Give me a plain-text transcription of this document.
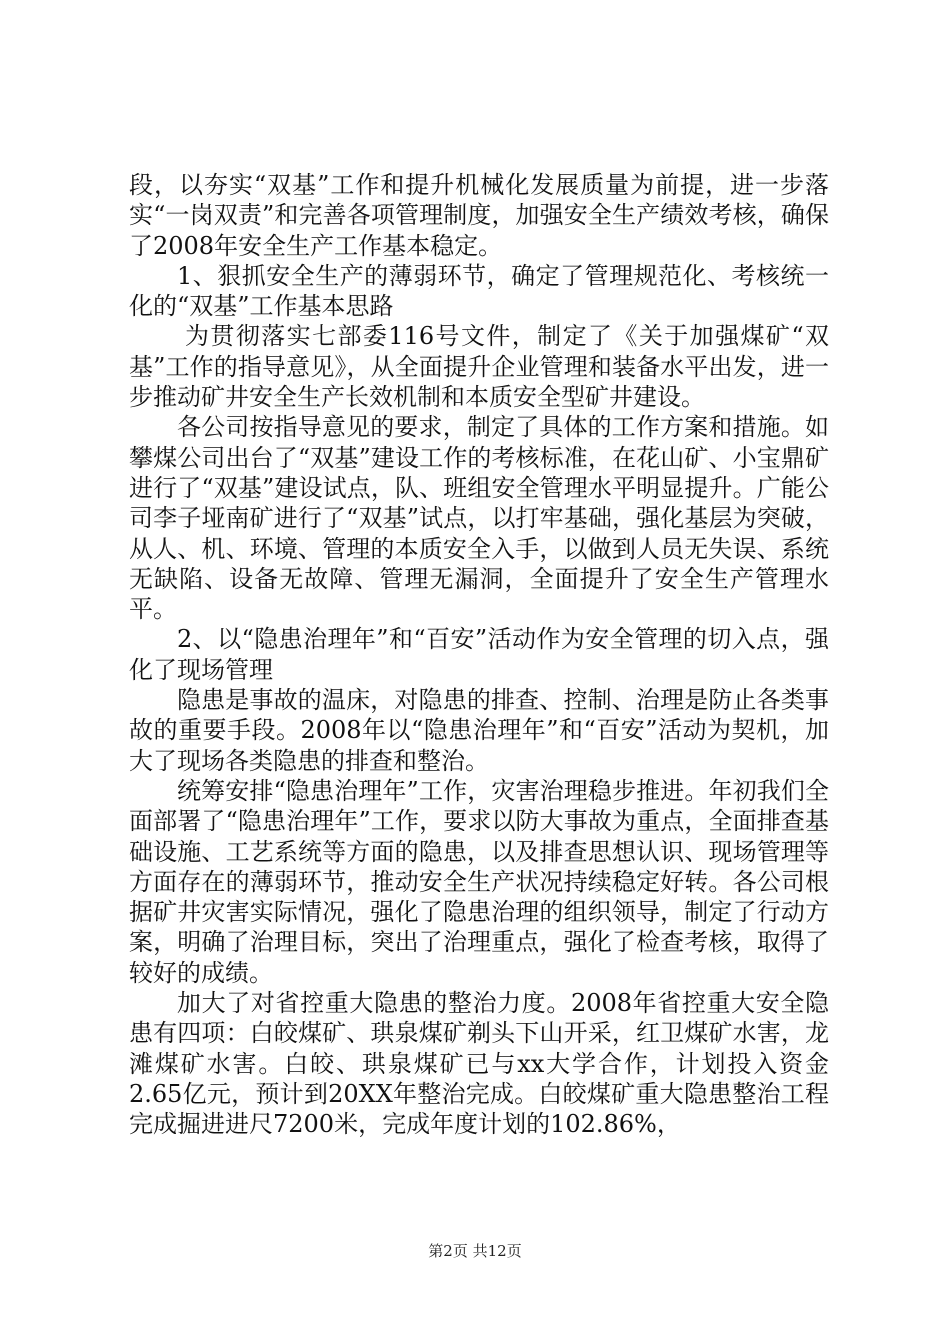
段，以夯实“双基”工作和提升机械化发展质量为前提，进一步落实“一岗双责”和完善各项管理制度，加强安全生产绩效考核，确保了2008年安全生产工作基本稳定。

1、狠抓安全生产的薄弱环节，确定了管理规范化、考核统一化的“双基”工作基本思路

为贯彻落实七部委116号文件，制定了《关于加强煤矿“双基”工作的指导意见》，从全面提升企业管理和装备水平出发，进一步推动矿井安全生产长效机制和本质安全型矿井建设。

各公司按指导意见的要求，制定了具体的工作方案和措施。如攀煤公司出台了“双基”建设工作的考核标准，在花山矿、小宝鼎矿进行了“双基”建设试点，队、班组安全管理水平明显提升。广能公司李子垭南矿进行了“双基”试点，以打牢基础，强化基层为突破，从人、机、环境、管理的本质安全入手，以做到人员无失误、系统无缺陷、设备无故障、管理无漏洞，全面提升了安全生产管理水平。

2、以“隐患治理年”和“百安”活动作为安全管理的切入点，强化了现场管理

隐患是事故的温床，对隐患的排查、控制、治理是防止各类事故的重要手段。2008年以“隐患治理年”和“百安”活动为契机，加大了现场各类隐患的排查和整治。

统筹安排“隐患治理年”工作，灾害治理稳步推进。年初我们全面部署了“隐患治理年”工作，要求以防大事故为重点，全面排查基础设施、工艺系统等方面的隐患，以及排查思想认识、现场管理等方面存在的薄弱环节，推动安全生产状况持续稳定好转。各公司根据矿井灾害实际情况，强化了隐患治理的组织领导，制定了行动方案，明确了治理目标，突出了治理重点，强化了检查考核，取得了较好的成绩。

加大了对省控重大隐患的整治力度。2008年省控重大安全隐患有四项：白皎煤矿、珙泉煤矿剃头下山开采，红卫煤矿水害，龙滩煤矿水害。白皎、珙泉煤矿已与xx大学合作，计划投入资金2.65亿元，预计到20XX年整治完成。白皎煤矿重大隐患整治工程完成掘进进尺7200米，完成年度计划的102.86%，

第2页 共12页
